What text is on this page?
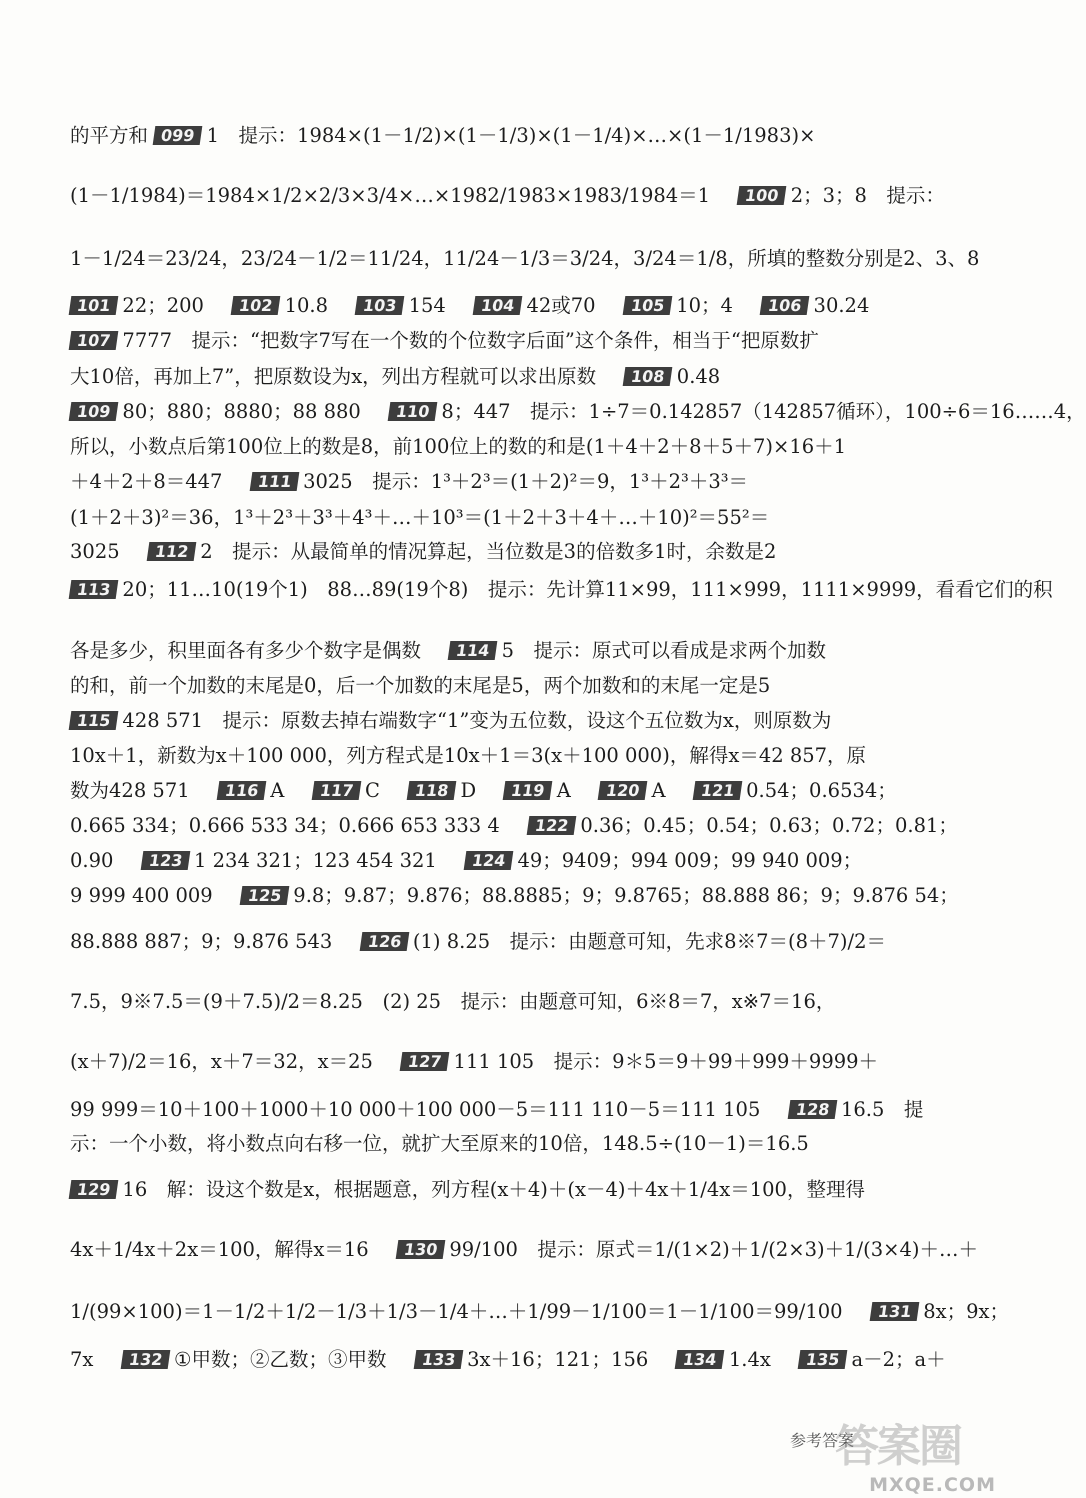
的平方和 099 1　提示：1984×(1－1/2)×(1－1/3)×(1－1/4)×…×(1－1/1983)×
(1－1/1984)＝1984×1/2×2/3×3/4×…×1982/1983×1983/1984＝1 100 2；3；8　提示：
1－1/24＝23/24，23/24－1/2＝11/24，11/24－1/3＝3/24，3/24＝1/8，所填的整数分别是2、3、8
101 22；200 102 10.8 103 154 104 42或70 105 10；4 106 30.24
107 7777　提示：“把数字7写在一个数的个位数字后面”这个条件，相当于“把原数扩
大10倍，再加上7”，把原数设为x，列出方程就可以求出原数 108 0.48
109 80；880；8880；88 880 110 8；447　提示：1÷7＝0.142857（142857循环），100÷6＝16……4，
所以，小数点后第100位上的数是8，前100位上的数的和是(1＋4＋2＋8＋5＋7)×16＋1
＋4＋2＋8＝447 111 3025　提示：1³＋2³＝(1＋2)²＝9，1³＋2³＋3³＝
(1＋2＋3)²＝36，1³＋2³＋3³＋4³＋…＋10³＝(1＋2＋3＋4＋…＋10)²＝55²＝
3025 112 2　提示：从最简单的情况算起，当位数是3的倍数多1时，余数是2
113 20；11…10(19个1)　88…89(19个8)　提示：先计算11×99，111×999，1111×9999，看看它们的积
各是多少，积里面各有多少个数字是偶数 114 5　提示：原式可以看成是求两个加数
的和，前一个加数的末尾是0，后一个加数的末尾是5，两个加数和的末尾一定是5
115 428 571　提示：原数去掉右端数字“1”变为五位数，设这个五位数为x，则原数为
10x＋1，新数为x＋100 000，列方程式是10x＋1＝3(x＋100 000)，解得x＝42 857，原
数为428 571 116 A 117 C 118 D 119 A 120 A 121 0.54；0.6534；
0.665 334；0.666 533 34；0.666 653 333 4 122 0.36；0.45；0.54；0.63；0.72；0.81；
0.90 123 1 234 321；123 454 321 124 49；9409；994 009；99 940 009；
9 999 400 009 125 9.8；9.87；9.876；88.8885；9；9.8765；88.888 86；9；9.876 54；
88.888 887；9；9.876 543 126 (1) 8.25　提示：由题意可知，先求8※7＝(8＋7)/2＝
7.5，9※7.5＝(9＋7.5)/2＝8.25　(2) 25　提示：由题意可知，6※8＝7，x※7＝16，
(x＋7)/2＝16，x＋7＝32，x＝25 127 111 105　提示：9＊5＝9＋99＋999＋9999＋
99 999＝10＋100＋1000＋10 000＋100 000－5＝111 110－5＝111 105 128 16.5　提
示：一个小数，将小数点向右移一位，就扩大至原来的10倍，148.5÷(10－1)＝16.5
129 16　解：设这个数是x，根据题意，列方程(x＋4)＋(x－4)＋4x＋1/4x＝100，整理得
4x＋1/4x＋2x＝100，解得x＝16 130 99/100　提示：原式＝1/(1×2)＋1/(2×3)＋1/(3×4)＋…＋
1/(99×100)＝1－1/2＋1/2－1/3＋1/3－1/4＋…＋1/99－1/100＝1－1/100＝99/100 131 8x；9x；
7x 132 ①甲数；②乙数；③甲数 133 3x＋16；121；156 134 1.4x 135 a－2；a＋
参考答案
答案圈
MXQE.COM
